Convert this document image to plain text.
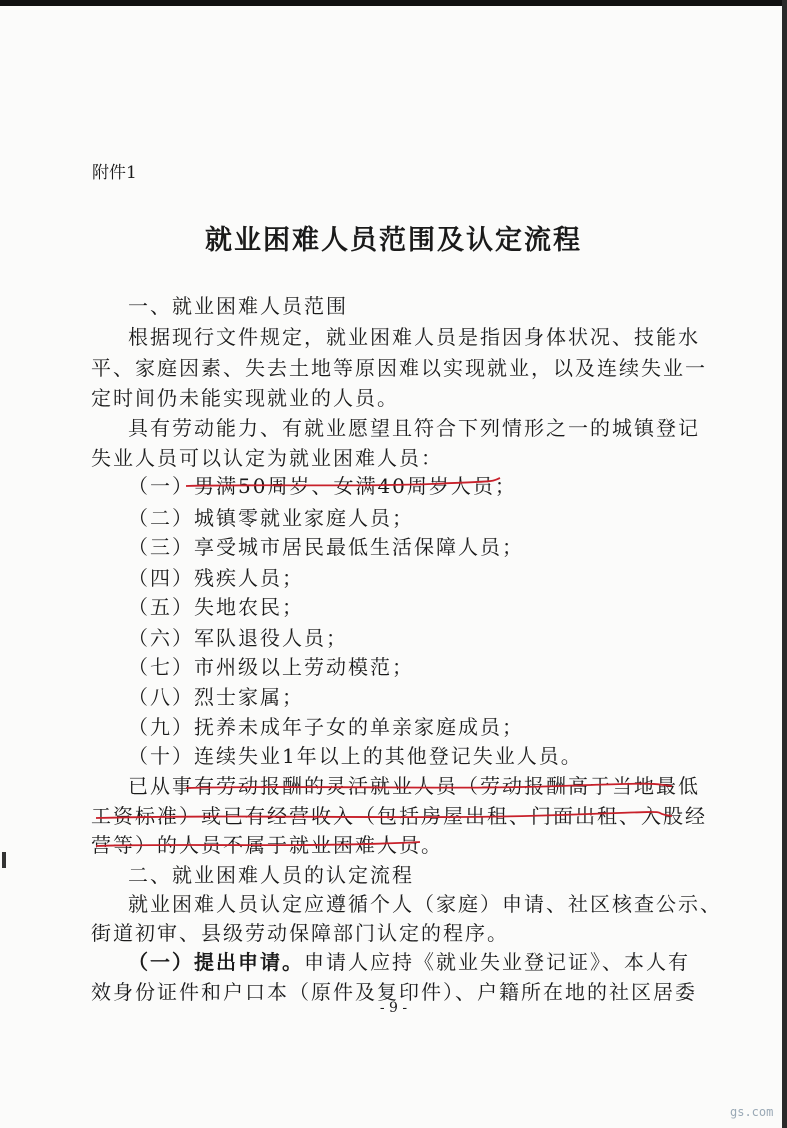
附件1
就业困难人员范围及认定流程
一、就业困难人员范围
根据现行文件规定，就业困难人员是指因身体状况、技能水
平、家庭因素、失去土地等原因难以实现就业，以及连续失业一
定时间仍未能实现就业的人员。
具有劳动能力、有就业愿望且符合下列情形之一的城镇登记
失业人员可以认定为就业困难人员：
（一）男满50周岁、女满40周岁人员；
（二）城镇零就业家庭人员；
（三）享受城市居民最低生活保障人员；
（四）残疾人员；
（五）失地农民；
（六）军队退役人员；
（七）市州级以上劳动模范；
（八）烈士家属；
（九）抚养未成年子女的单亲家庭成员；
（十）连续失业1年以上的其他登记失业人员。
已从事有劳动报酬的灵活就业人员（劳动报酬高于当地最低
工资标准）或已有经营收入（包括房屋出租、门面出租、入股经
营等）的人员不属于就业困难人员。
二、就业困难人员的认定流程
就业困难人员认定应遵循个人（家庭）申请、社区核查公示、
街道初审、县级劳动保障部门认定的程序。
（一）提出申请。申请人应持《就业失业登记证》、本人有
效身份证件和户口本（原件及复印件）、户籍所在地的社区居委
- 9 -
gs.com
